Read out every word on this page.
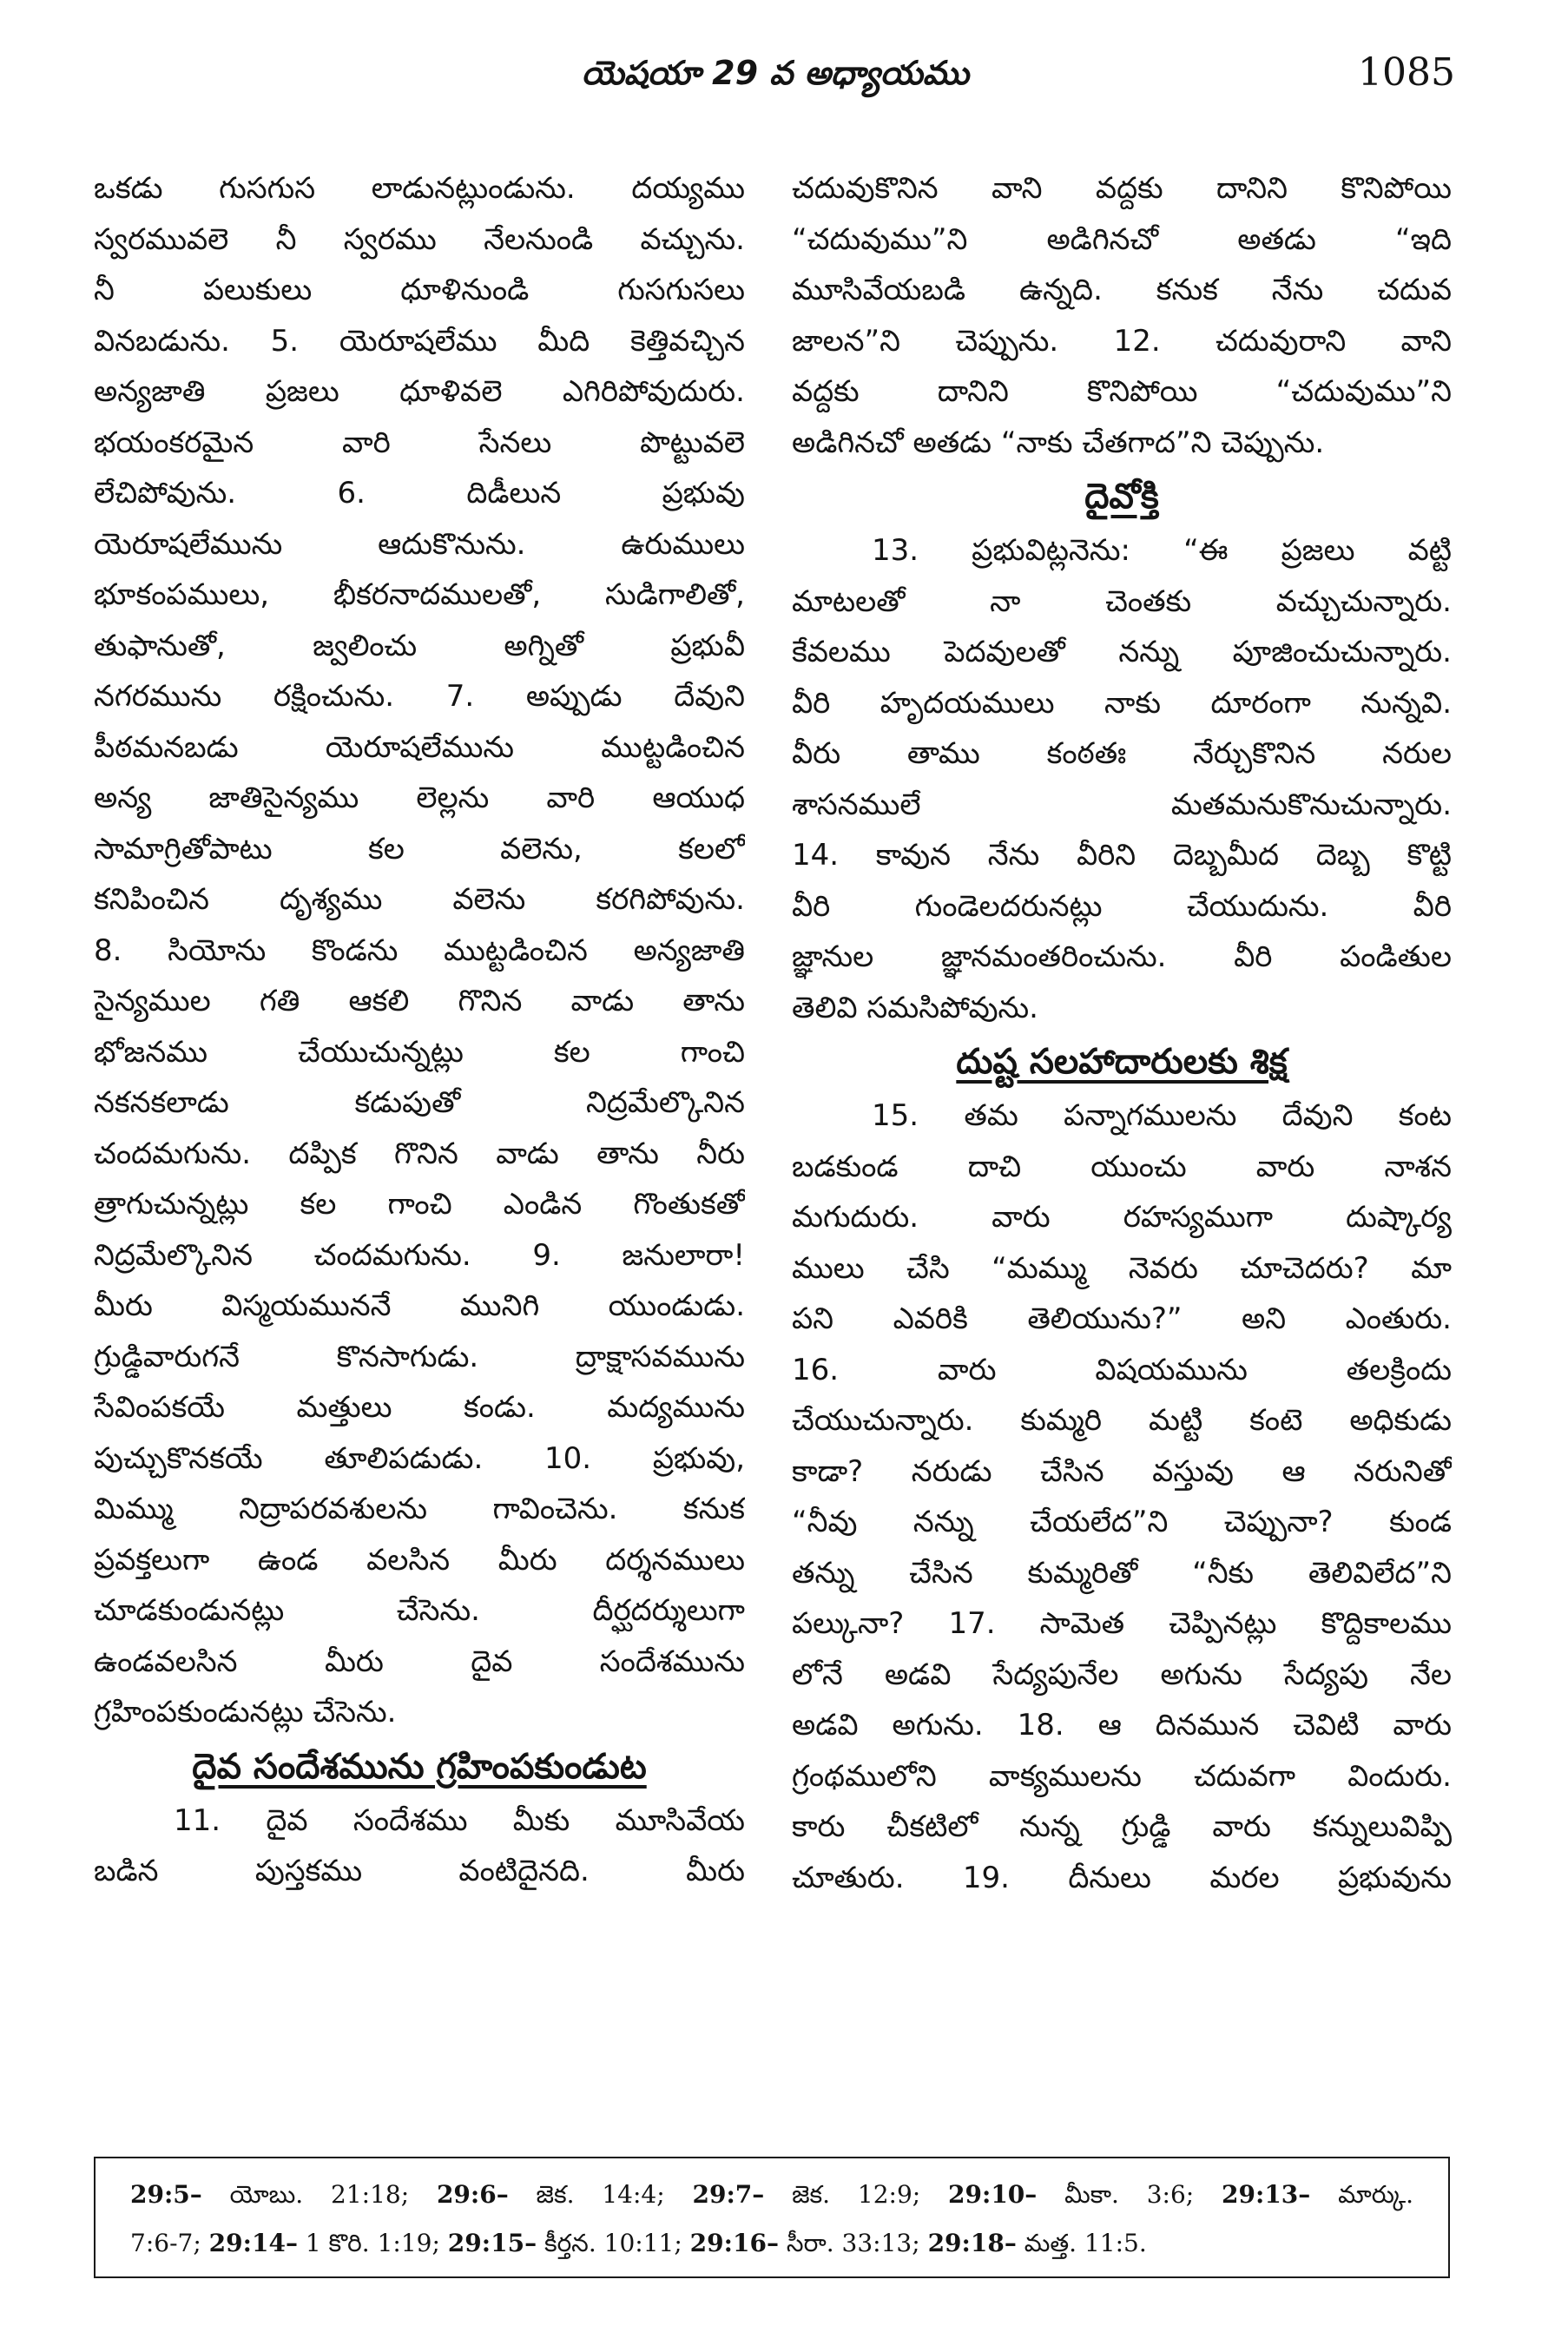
యెషయా 29 వ అధ్యాయము	1085
ఒకడు గుసగుస లాడునట్లుండును. దయ్యము
స్వరమువలె నీ స్వరము నేలనుండి వచ్చును.
నీ పలుకులు ధూళినుండి గుసగుసలు
వినబడును. 5. యెరూషలేము మీది కెత్తివచ్చిన
అన్యజాతి ప్రజలు ధూళివలె ఎగిరిపోవుదురు.
భయంకరమైన వారి సేనలు పొట్టువలె
లేచిపోవును. 6. దిడీలున ప్రభువు
యెరూషలేమును ఆదుకొనును. ఉరుములు
భూకంపములు, భీకరనాదములతో, సుడిగాలితో,
తుఫానుతో, జ్వలించు అగ్నితో ప్రభువీ
నగరమును రక్షించును. 7. అప్పుడు దేవుని
పీఠమనబడు యెరూషలేమును ముట్టడించిన
అన్య జాతిసైన్యము లెల్లను వారి ఆయుధ
సామాగ్రితోపాటు కల వలెను, కలలో
కనిపించిన దృశ్యము వలెను కరగిపోవును.
8. సియోను కొండను ముట్టడించిన అన్యజాతి
సైన్యముల గతి ఆకలి గొనిన వాడు తాను
భోజనము చేయుచున్నట్లు కల గాంచి
నకనకలాడు కడుపుతో నిద్రమేల్కొనిన
చందమగును. దప్పిక గొనిన వాడు తాను నీరు
త్రాగుచున్నట్లు కల గాంచి ఎండిన గొంతుకతో
నిద్రమేల్కొనిన చందమగును. 9. జనులారా!
మీరు విస్మయముననే మునిగి యుండుడు.
గ్రుడ్డివారుగనే కొనసాగుడు. ద్రాక్షాసవమును
సేవింపకయే మత్తులు కండు. మద్యమును
పుచ్చుకొనకయే తూలిపడుడు. 10. ప్రభువు,
మిమ్ము నిద్రాపరవశులను గావించెను. కనుక
ప్రవక్తలుగా ఉండ వలసిన మీరు దర్శనములు
చూడకుండునట్లు చేసెను. దీర్ఘదర్శులుగా
ఉండవలసిన మీరు దైవ సందేశమును
గ్రహింపకుండునట్లు చేసెను.
దైవ సందేశమును గ్రహింపకుండుట
11. దైవ సందేశము మీకు మూసివేయ
బడిన పుస్తకము వంటిదైనది. మీరు
చదువుకొనిన వాని వద్దకు దానిని కొనిపోయి
“చదువుము”ని అడిగినచో అతడు “ఇది
మూసివేయబడి ఉన్నది. కనుక నేను చదువ
జాలన”ని చెప్పును. 12. చదువురాని వాని
వద్దకు దానిని కొనిపోయి “చదువుము”ని
అడిగినచో అతడు “నాకు చేతగాద”ని చెప్పును.
దైవోక్తి
13. ప్రభువిట్లనెను: “ఈ ప్రజలు వట్టి
మాటలతో నా చెంతకు వచ్చుచున్నారు.
కేవలము పెదవులతో నన్ను పూజించుచున్నారు.
వీరి హృదయములు నాకు దూరంగా నున్నవి.
వీరు తాము కంఠతః నేర్చుకొనిన నరుల
శాసనములే మతమనుకొనుచున్నారు.
14. కావున నేను వీరిని దెబ్బమీద దెబ్బ కొట్టి
వీరి గుండెలదరునట్లు చేయుదును. వీరి
జ్ఞానుల జ్ఞానమంతరించును. వీరి పండితుల
తెలివి సమసిపోవును.
దుష్ట సలహాదారులకు శిక్ష
15. తమ పన్నాగములను దేవుని కంట
బడకుండ దాచి యుంచు వారు నాశన
మగుదురు. వారు రహస్యముగా దుష్కార్య
ములు చేసి “మమ్ము నెవరు చూచెదరు? మా
పని ఎవరికి తెలియును?” అని ఎంతురు.
16. వారు విషయమును తలక్రిందు
చేయుచున్నారు. కుమ్మరి మట్టి కంటె అధికుడు
కాడా? నరుడు చేసిన వస్తువు ఆ నరునితో
“నీవు నన్ను చేయలేద”ని చెప్పునా? కుండ
తన్ను చేసిన కుమ్మరితో “నీకు తెలివిలేద”ని
పల్కునా? 17. సామెత చెప్పినట్లు కొద్దికాలము
లోనే అడవి సేద్యపునేల అగును సేద్యపు నేల
అడవి అగును. 18. ఆ దినమున చెవిటి వారు
గ్రంథములోని వాక్యములను చదువగా విందురు.
కారు చీకటిలో నున్న గ్రుడ్డి వారు కన్నులువిప్పి
చూతురు. 19. దీనులు మరల ప్రభువును
29:5– యోబు. 21:18; 29:6– జెక. 14:4; 29:7– జెక. 12:9; 29:10– మీకా. 3:6; 29:13– మార్కు.
7:6-7; 29:14– 1 కొరి. 1:19; 29:15– కీర్తన. 10:11; 29:16– సీరా. 33:13; 29:18– మత్త. 11:5.
